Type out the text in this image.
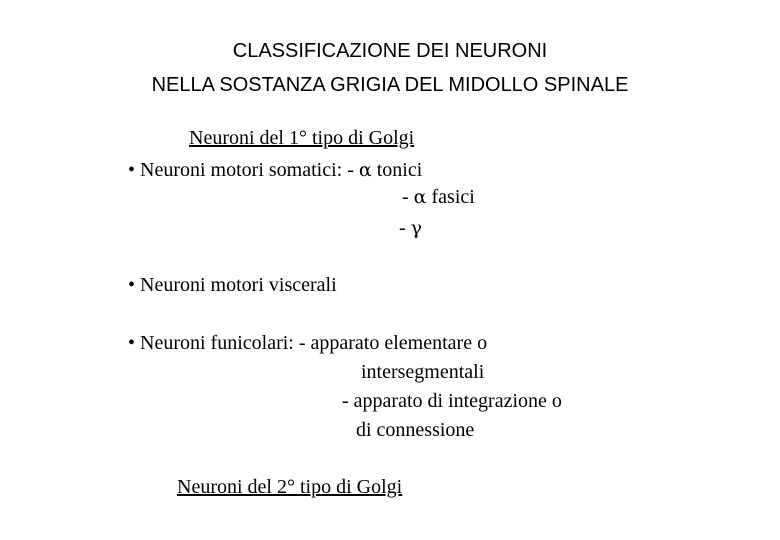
CLASSIFICAZIONE DEI NEURONI
NELLA SOSTANZA GRIGIA DEL MIDOLLO SPINALE
Neuroni del 1° tipo di Golgi
• Neuroni motori somatici: - α tonici
- α fasici
- γ
• Neuroni motori viscerali
• Neuroni funicolari: - apparato elementare o
intersegmentali
- apparato di integrazione o
di connessione
Neuroni del 2° tipo di Golgi
